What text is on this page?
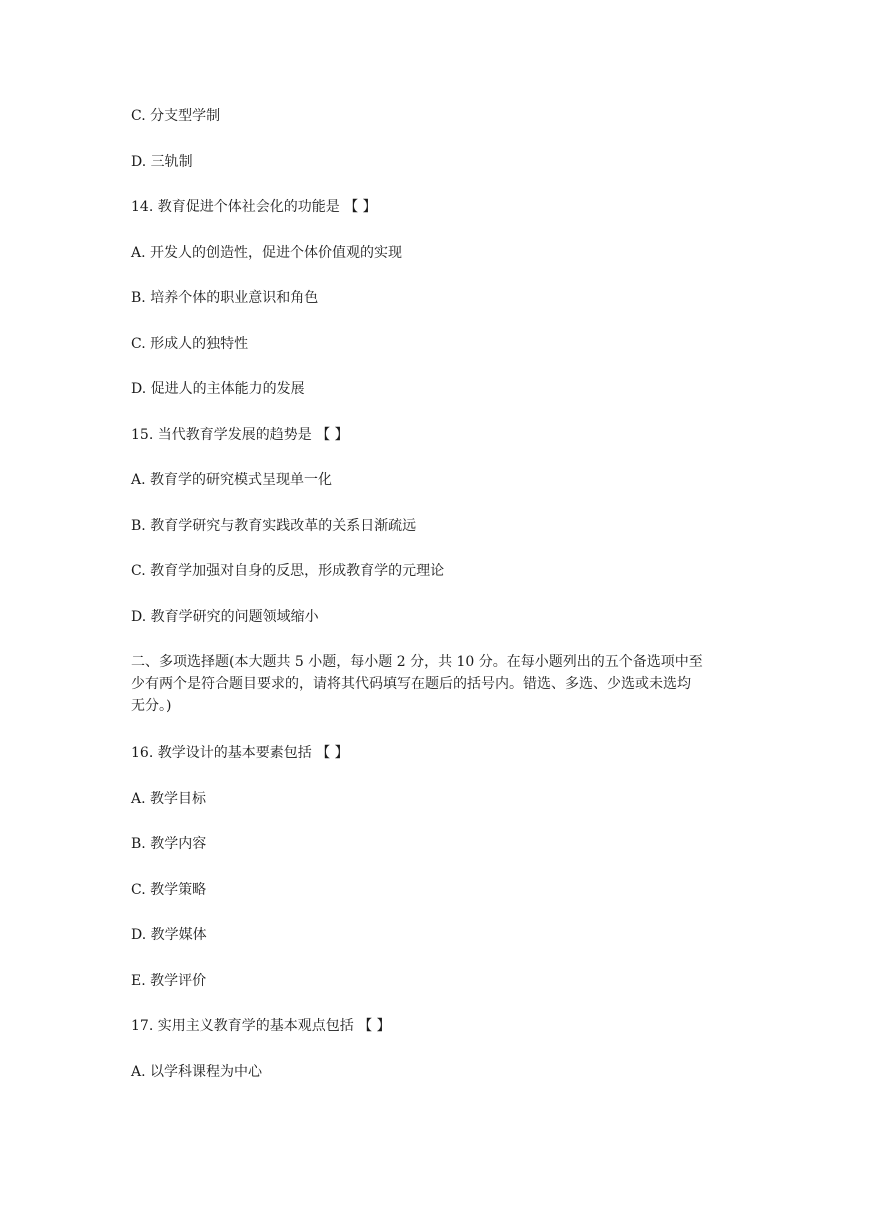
C. 分支型学制
D. 三轨制
14. 教育促进个体社会化的功能是 【 】
A. 开发人的创造性，促进个体价值观的实现
B. 培养个体的职业意识和角色
C. 形成人的独特性
D. 促进人的主体能力的发展
15. 当代教育学发展的趋势是 【 】
A. 教育学的研究模式呈现单一化
B. 教育学研究与教育实践改革的关系日渐疏远
C. 教育学加强对自身的反思，形成教育学的元理论
D. 教育学研究的问题领域缩小
二、多项选择题(本大题共 5 小题，每小题 2 分，共 10 分。在每小题列出的五个备选项中至
少有两个是符合题目要求的，请将其代码填写在题后的括号内。错选、多选、少选或未选均
无分。)
16. 教学设计的基本要素包括 【 】
A. 教学目标
B. 教学内容
C. 教学策略
D. 教学媒体
E. 教学评价
17. 实用主义教育学的基本观点包括 【 】
A. 以学科课程为中心
